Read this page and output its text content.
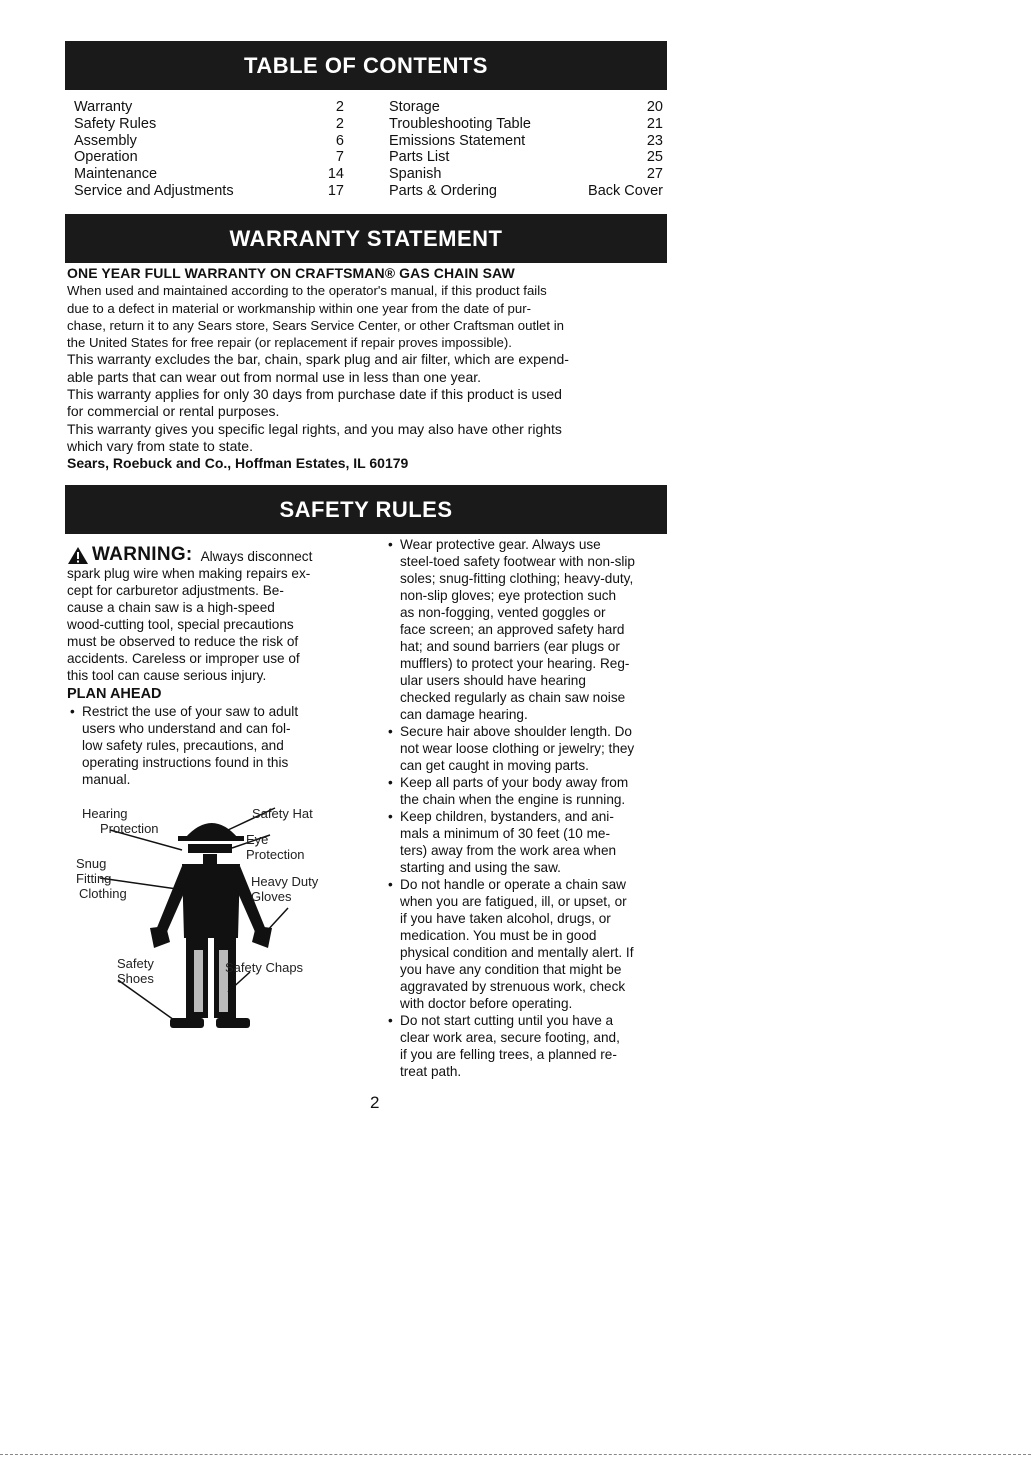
TABLE OF CONTENTS
Warranty	2
Safety Rules	2
Assembly	6
Operation	7
Maintenance	14
Service and Adjustments	17
Storage	20
Troubleshooting Table	21
Emissions Statement	23
Parts List	25
Spanish	27
Parts & Ordering	Back Cover
WARRANTY STATEMENT
ONE YEAR FULL WARRANTY ON CRAFTSMAN® GAS CHAIN SAW
When used and maintained according to the operator's manual, if this product fails
due to a defect in material or workmanship within one year from the date of pur-
chase, return it to any Sears store, Sears Service Center, or other Craftsman outlet in
the United States for free repair (or replacement if repair proves impossible).
This warranty excludes the bar, chain, spark plug and air filter, which are expend-
able parts that can wear out from normal use in less than one year.
This warranty applies for only 30 days from purchase date if this product is used
for commercial or rental purposes.
This warranty gives you specific legal rights, and you may also have other rights
which vary from state to state.
Sears, Roebuck and Co., Hoffman Estates, IL 60179
SAFETY RULES
WARNING: Always disconnect
spark plug wire when making repairs ex-
cept for carburetor adjustments. Be-
cause a chain saw is a high-speed
wood-cutting tool, special precautions
must be observed to reduce the risk of
accidents. Careless or improper use of
this tool can cause serious injury.
PLAN AHEAD
• Restrict the use of your saw to adult
users who understand and can fol-
low safety rules, precautions, and
operating instructions found in this
manual.
Hearing
Protection
Safety Hat
Eye
Protection
Snug
Fitting
Clothing
Heavy Duty
Gloves
Safety
Shoes
Safety Chaps
• Wear protective gear. Always use
steel-toed safety footwear with non-slip
soles; snug-fitting clothing; heavy-duty,
non-slip gloves; eye protection such
as non-fogging, vented goggles or
face screen; an approved safety hard
hat; and sound barriers (ear plugs or
mufflers) to protect your hearing. Reg-
ular users should have hearing
checked regularly as chain saw noise
can damage hearing.
• Secure hair above shoulder length. Do
not wear loose clothing or jewelry; they
can get caught in moving parts.
• Keep all parts of your body away from
the chain when the engine is running.
• Keep children, bystanders, and ani-
mals a minimum of 30 feet (10 me-
ters) away from the work area when
starting and using the saw.
• Do not handle or operate a chain saw
when you are fatigued, ill, or upset, or
if you have taken alcohol, drugs, or
medication. You must be in good
physical condition and mentally alert. If
you have any condition that might be
aggravated by strenuous work, check
with doctor before operating.
• Do not start cutting until you have a
clear work area, secure footing, and,
if you are felling trees, a planned re-
treat path.
2
